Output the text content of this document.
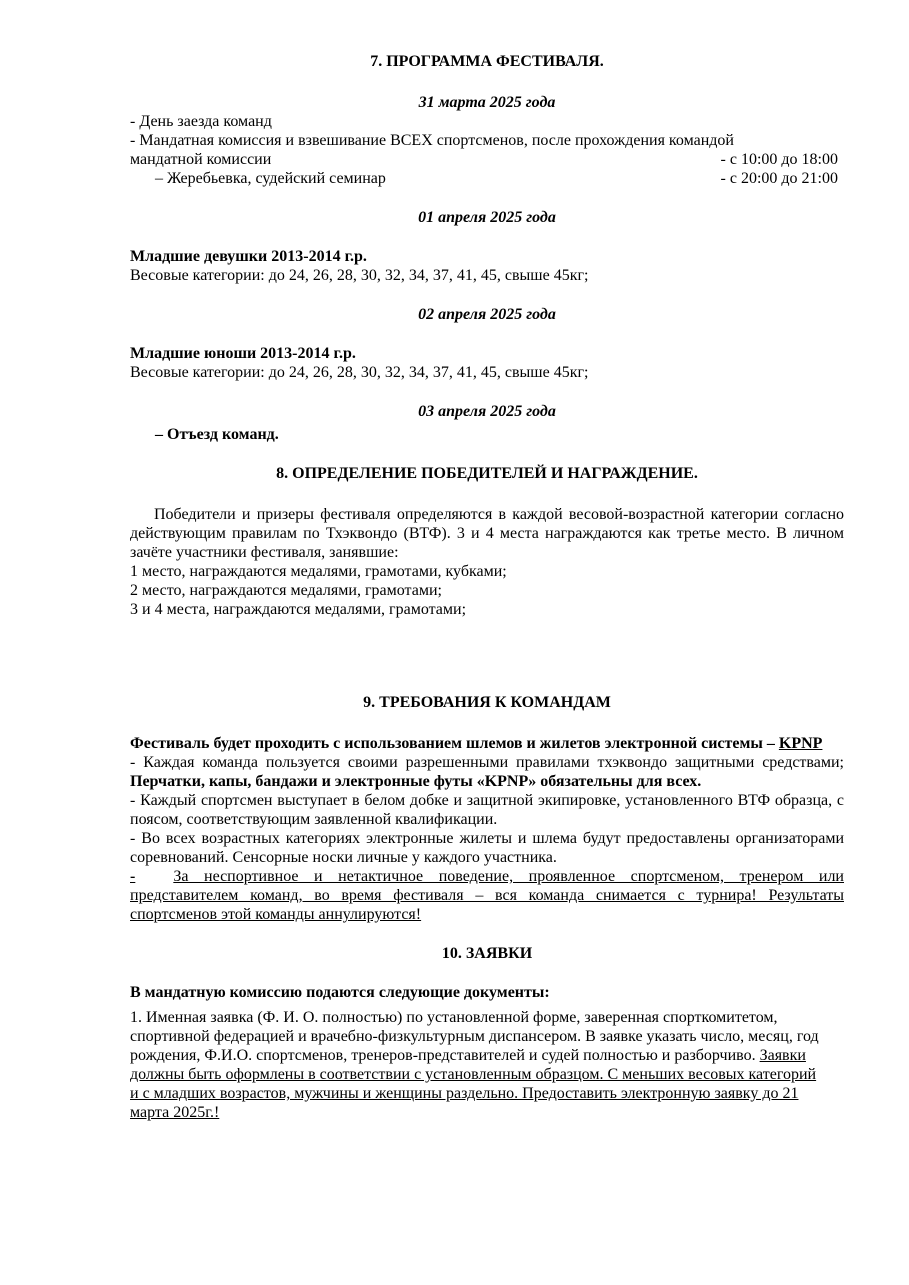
7. ПРОГРАММА ФЕСТИВАЛЯ.
31 марта 2025 года

- День заезда команд

- Мандатная комиссия и взвешивание ВСЕХ спортсменов, после прохождения командой

мандатной комиссии	- с 10:00 до 18:00
– Жеребьевка, судейский семинар	- с 20:00 до 21:00
01 апреля 2025 года

Младшие девушки 2013-2014 г.р.

Весовые категории: до 24, 26, 28, 30, 32, 34, 37, 41, 45, свыше 45кг;

02 апреля 2025 года

Младшие юноши 2013-2014 г.р.

Весовые категории: до 24, 26, 28, 30, 32, 34, 37, 41, 45, свыше 45кг;

03 апреля 2025 года

– Отъезд команд.

8. ОПРЕДЕЛЕНИЕ ПОБЕДИТЕЛЕЙ И НАГРАЖДЕНИЕ.

Победители и призеры фестиваля определяются в каждой весовой-возрастной категории согласно действующим правилам по Тхэквондо (ВТФ). 3 и 4 места награждаются как третье место. В личном зачёте участники фестиваля, занявшие:

1 место, награждаются медалями, грамотами, кубками;

2 место, награждаются медалями, грамотами;

3 и 4 места, награждаются медалями, грамотами;

9. ТРЕБОВАНИЯ К КОМАНДАМ

Фестиваль будет проходить с использованием шлемов и жилетов электронной системы – KPNP

- Каждая команда пользуется своими разрешенными правилами тхэквондо защитными средствами; Перчатки, капы, бандажи и электронные футы «KPNP» обязательны для всех.

- Каждый спортсмен выступает в белом добке и защитной экипировке, установленного ВТФ образца, с поясом, соответствующим заявленной квалификации.

- Во всех возрастных категориях электронные жилеты и шлема будут предоставлены организаторами соревнований. Сенсорные носки личные у каждого участника.

- За неспортивное и нетактичное поведение, проявленное спортсменом, тренером или представителем команд, во время фестиваля – вся команда снимается с турнира! Результаты спортсменов этой команды аннулируются!

10. ЗАЯВКИ

В мандатную комиссию подаются следующие документы:

1. Именная заявка (Ф. И. О. полностью) по установленной форме, заверенная спорткомитетом, спортивной федерацией и врачебно-физкультурным диспансером. В заявке указать число, месяц, год рождения, Ф.И.О. спортсменов, тренеров-представителей и судей полностью и разборчиво. Заявки должны быть оформлены в соответствии с установленным образцом. С меньших весовых категорий и с младших возрастов, мужчины и женщины раздельно. Предоставить электронную заявку до 21 марта 2025г.!
